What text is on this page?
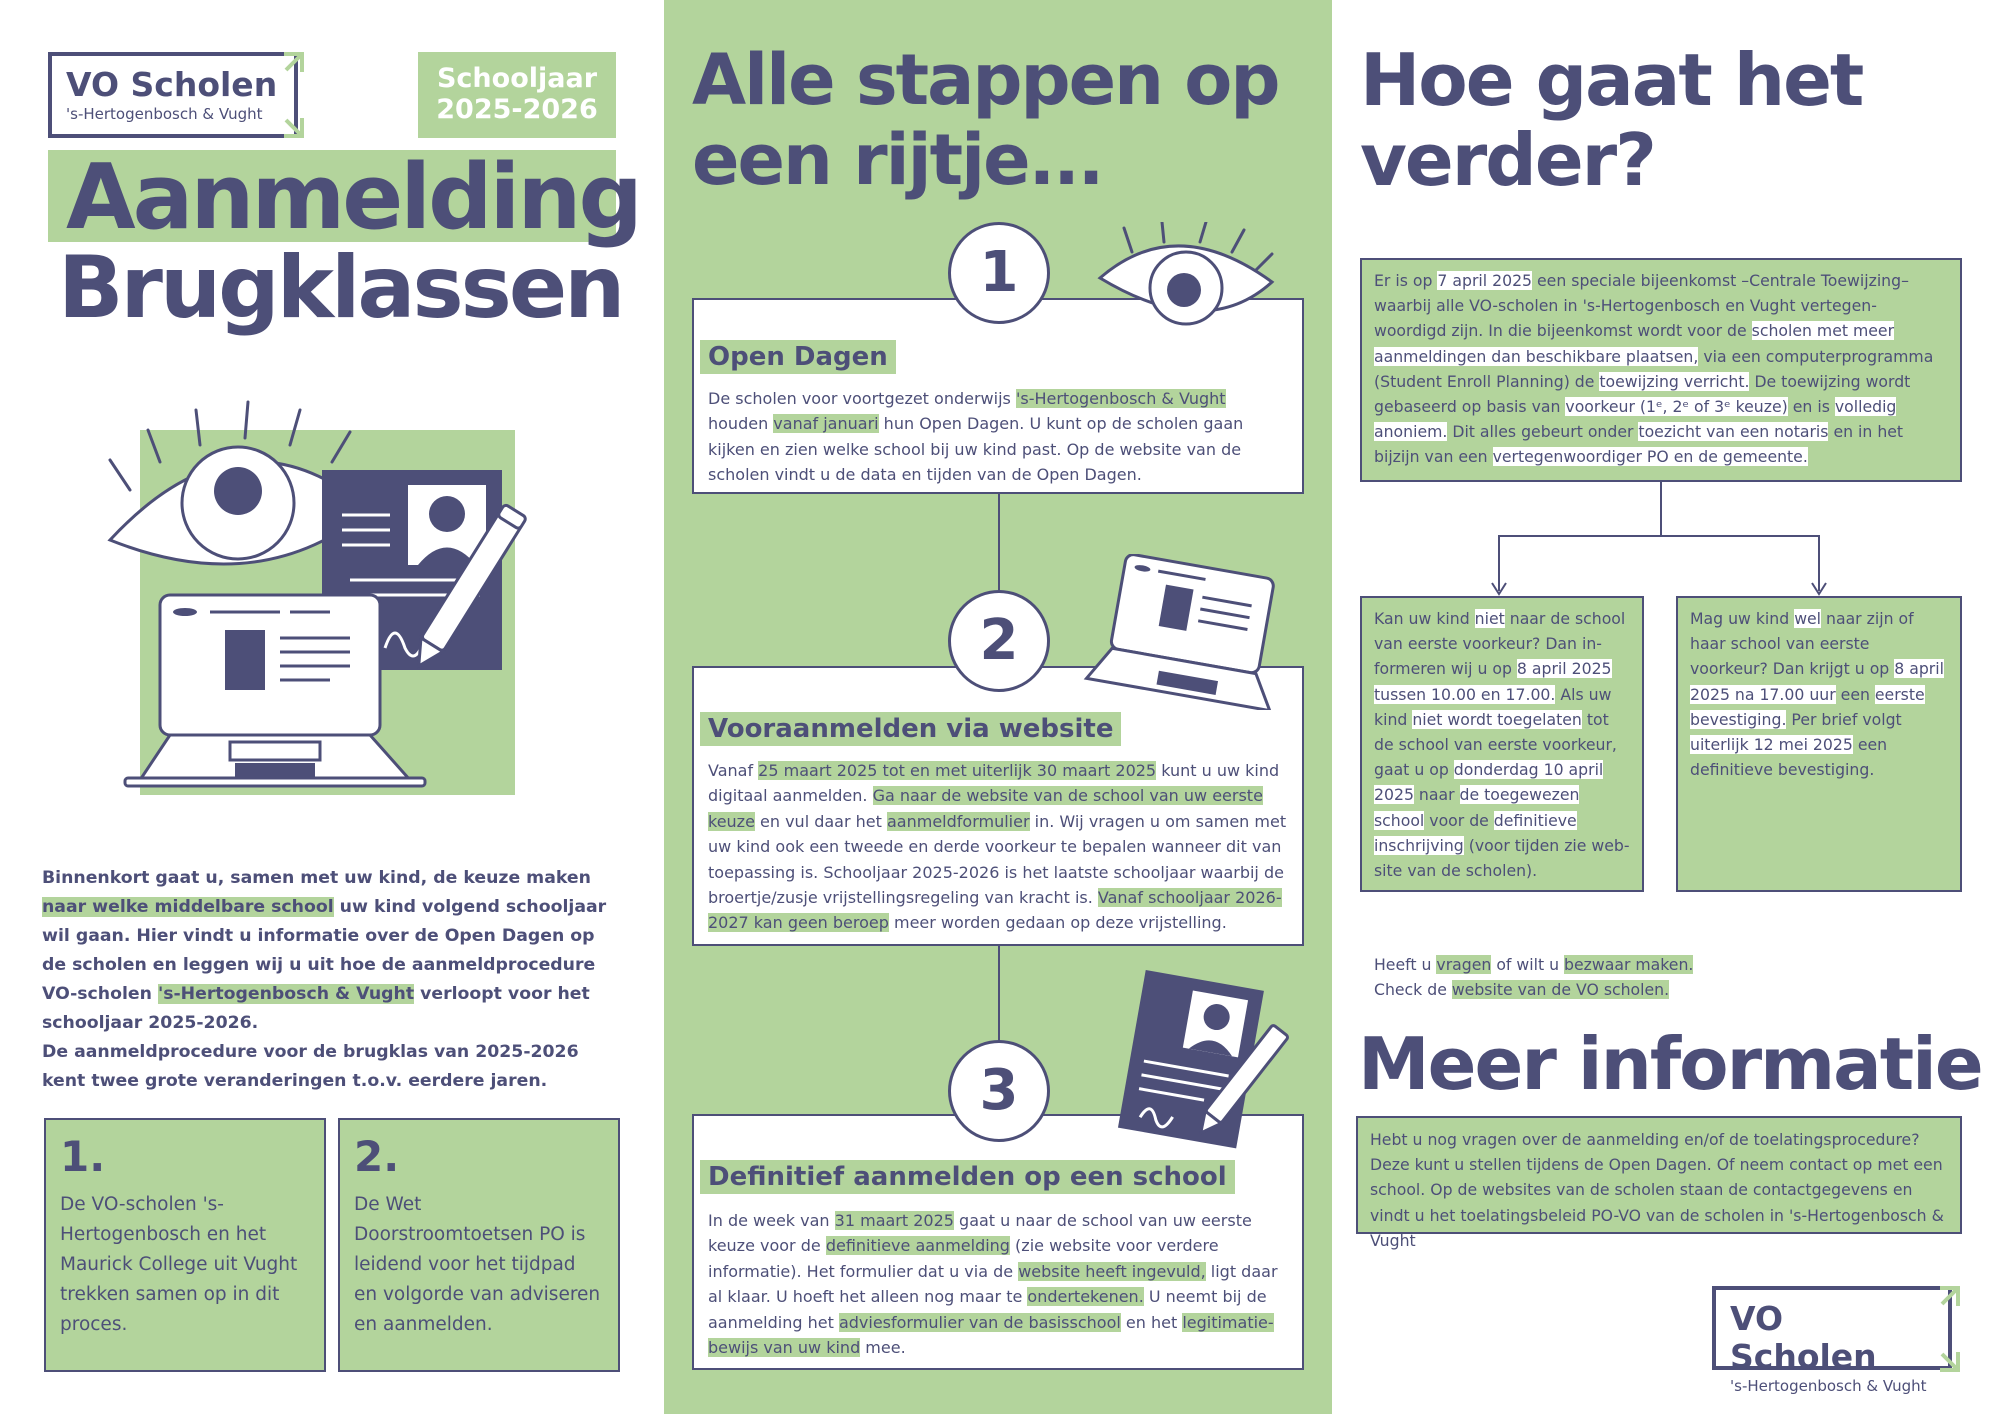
VO Scholen
's-Hertogenbosch & Vught
Schooljaar
2025-2026
Aanmelding
Brugklassen
Binnenkort gaat u, samen met uw kind, de keuze maken naar welke middelbare school uw kind volgend schooljaar wil gaan. Hier vindt u informatie over de Open Dagen op de scholen en leggen wij u uit hoe de aanmeldprocedure VO-scholen 's-Hertogenbosch & Vught verloopt voor het schooljaar 2025-2026.
De aanmeldprocedure voor de brugklas van 2025-2026 kent twee grote veranderingen t.o.v. eerdere jaren.
1.
De VO-scholen 's-Hertogenbosch en het Maurick College uit Vught trekken samen op in dit proces.
2.
De Wet Doorstroomtoetsen PO is leidend voor het tijdpad en volgorde van adviseren en aanmelden.
Alle stappen op een rijtje...
1
Open Dagen
De scholen voor voortgezet onderwijs 's-Hertogenbosch & Vught houden vanaf januari hun Open Dagen. U kunt op de scholen gaan kijken en zien welke school bij uw kind past. Op de website van de scholen vindt u de data en tijden van de Open Dagen.
2
Vooraanmelden via website
Vanaf 25 maart 2025 tot en met uiterlijk 30 maart 2025 kunt u uw kind digitaal aanmelden. Ga naar de website van de school van uw eerste keuze en vul daar het aanmeldformulier in. Wij vragen u om samen met uw kind ook een tweede en derde voorkeur te bepalen wanneer dit van toepassing is. Schooljaar 2025-2026 is het laatste schooljaar waarbij de broertje/zusje vrijstellingsregeling van kracht is. Vanaf schooljaar 2026-2027 kan geen beroep meer worden gedaan op deze vrijstelling.
3
Definitief aanmelden op een school
In de week van 31 maart 2025 gaat u naar de school van uw eerste keuze voor de definitieve aanmelding (zie website voor verdere informatie). Het formulier dat u via de website heeft ingevuld, ligt daar al klaar. U hoeft het alleen nog maar te ondertekenen. U neemt bij de aanmelding het adviesformulier van de basisschool en het legitimatie-bewijs van uw kind mee.
Hoe gaat het verder?
Er is op 7 april 2025 een speciale bijeenkomst –Centrale Toewijzing– waarbij alle VO-scholen in 's-Hertogenbosch en Vught vertegen-woordigd zijn. In die bijeenkomst wordt voor de scholen met meer aanmeldingen dan beschikbare plaatsen, via een computerprogramma (Student Enroll Planning) de toewijzing verricht. De toewijzing wordt gebaseerd op basis van voorkeur (1ᵉ, 2ᵉ of 3ᵉ keuze) en is volledig anoniem. Dit alles gebeurt onder toezicht van een notaris en in het bijzijn van een vertegenwoordiger PO en de gemeente.
Kan uw kind niet naar de school van eerste voorkeur? Dan in-formeren wij u op 8 april 2025 tussen 10.00 en 17.00. Als uw kind niet wordt toegelaten tot de school van eerste voorkeur, gaat u op donderdag 10 april 2025 naar de toegewezen school voor de definitieve inschrijving (voor tijden zie web-site van de scholen).
Mag uw kind wel naar zijn of haar school van eerste voorkeur? Dan krijgt u op 8 april 2025 na 17.00 uur een eerste bevestiging. Per brief volgt uiterlijk 12 mei 2025 een definitieve bevestiging.
Heeft u vragen of wilt u bezwaar maken.
Check de website van de VO scholen.
Meer informatie
Hebt u nog vragen over de aanmelding en/of de toelatingsprocedure? Deze kunt u stellen tijdens de Open Dagen. Of neem contact op met een school. Op de websites van de scholen staan de contactgegevens en vindt u het toelatingsbeleid PO-VO van de scholen in 's-Hertogenbosch & Vught
VO Scholen
's-Hertogenbosch & Vught
